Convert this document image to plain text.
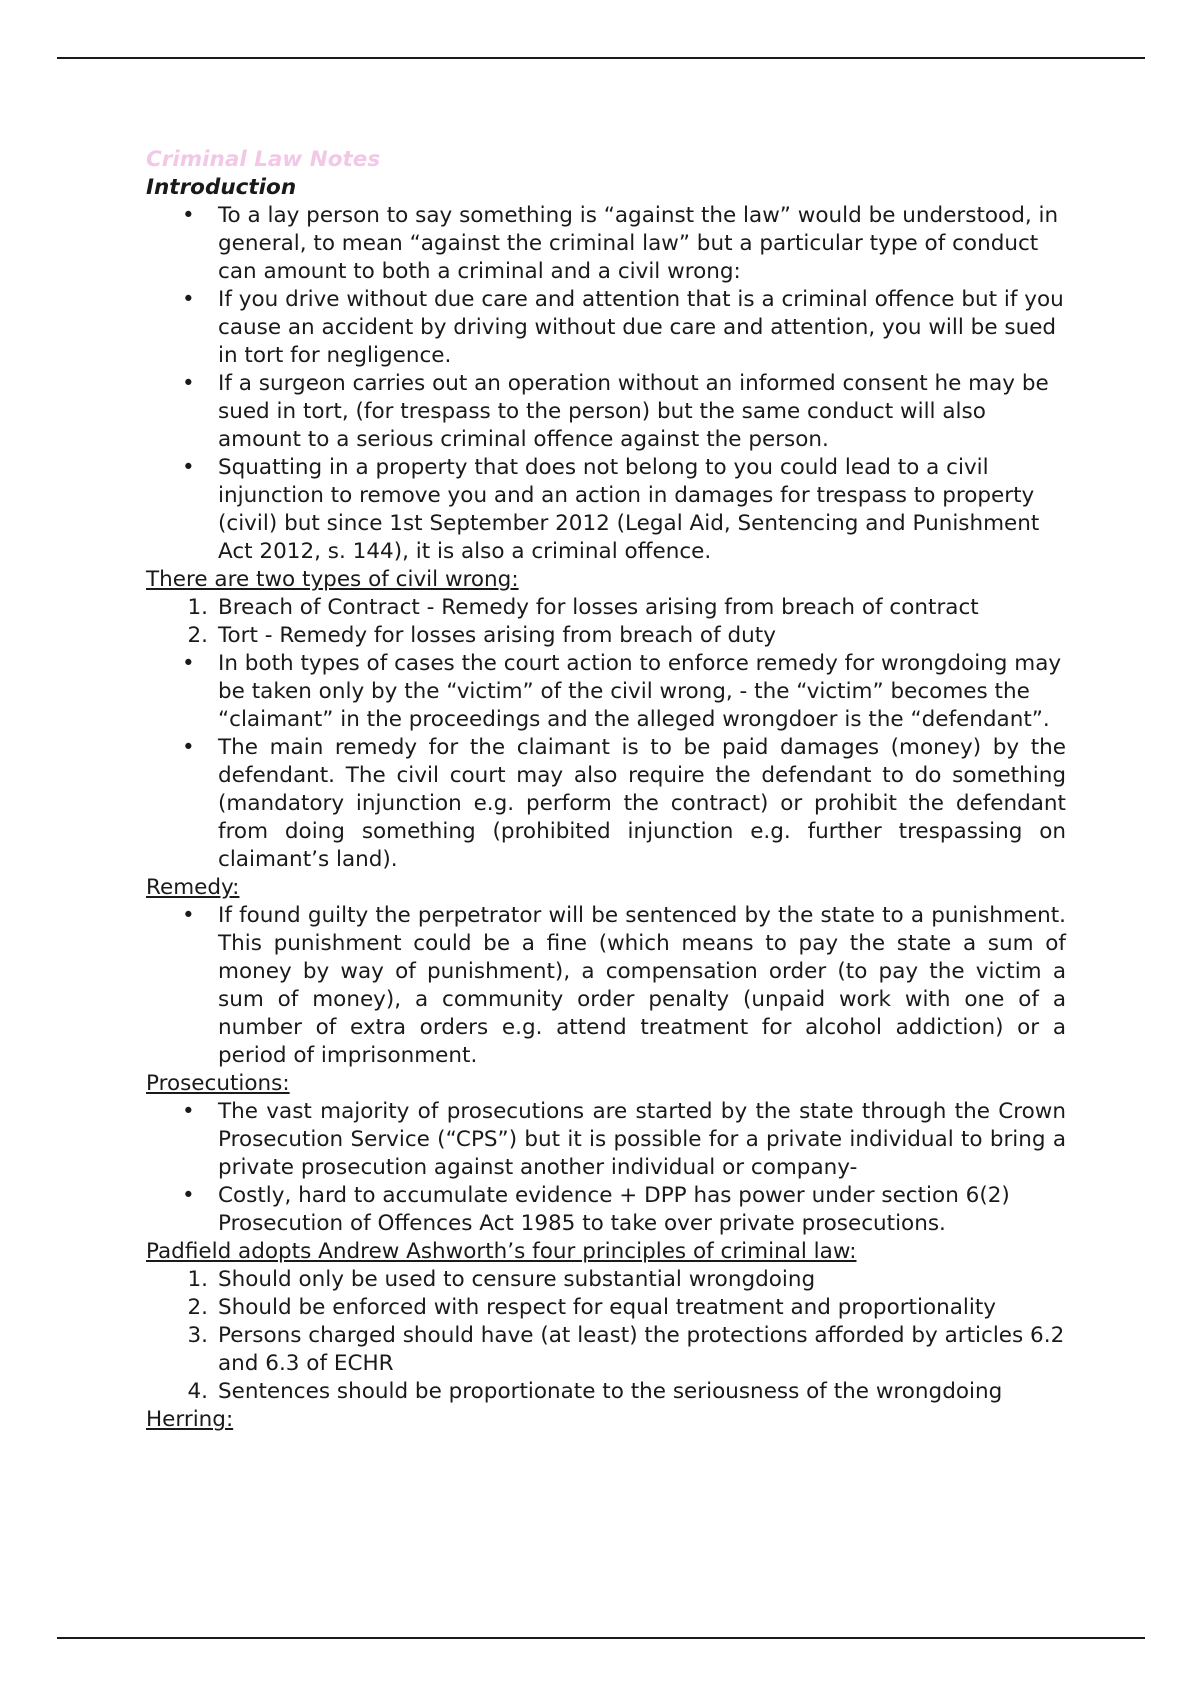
Criminal Law Notes
Introduction
• To a lay person to say something is “against the law” would be understood, in general, to mean “against the criminal law” but a particular type of conduct can amount to both a criminal and a civil wrong:
• If you drive without due care and attention that is a criminal offence but if you cause an accident by driving without due care and attention, you will be sued in tort for negligence.
• If a surgeon carries out an operation without an informed consent he may be sued in tort, (for trespass to the person) but the same conduct will also amount to a serious criminal offence against the person.
• Squatting in a property that does not belong to you could lead to a civil injunction to remove you and an action in damages for trespass to property (civil) but since 1st September 2012 (Legal Aid, Sentencing and Punishment Act 2012, s. 144), it is also a criminal offence.
There are two types of civil wrong:
1. Breach of Contract - Remedy for losses arising from breach of contract
2. Tort - Remedy for losses arising from breach of duty
• In both types of cases the court action to enforce remedy for wrongdoing may be taken only by the “victim” of the civil wrong, - the “victim” becomes the “claimant” in the proceedings and the alleged wrongdoer is the “defendant”.
• The main remedy for the claimant is to be paid damages (money) by the defendant. The civil court may also require the defendant to do something (mandatory injunction e.g. perform the contract) or prohibit the defendant from doing something (prohibited injunction e.g. further trespassing on claimant’s land).
Remedy:
• If found guilty the perpetrator will be sentenced by the state to a punishment. This punishment could be a fine (which means to pay the state a sum of money by way of punishment), a compensation order (to pay the victim a sum of money), a community order penalty (unpaid work with one of a number of extra orders e.g. attend treatment for alcohol addiction) or a period of imprisonment.
Prosecutions:
• The vast majority of prosecutions are started by the state through the Crown Prosecution Service (“CPS”) but it is possible for a private individual to bring a private prosecution against another individual or company-
• Costly, hard to accumulate evidence + DPP has power under section 6(2) Prosecution of Offences Act 1985 to take over private prosecutions.
Padfield adopts Andrew Ashworth’s four principles of criminal law:
1. Should only be used to censure substantial wrongdoing
2. Should be enforced with respect for equal treatment and proportionality
3. Persons charged should have (at least) the protections afforded by articles 6.2 and 6.3 of ECHR
4. Sentences should be proportionate to the seriousness of the wrongdoing
Herring:
